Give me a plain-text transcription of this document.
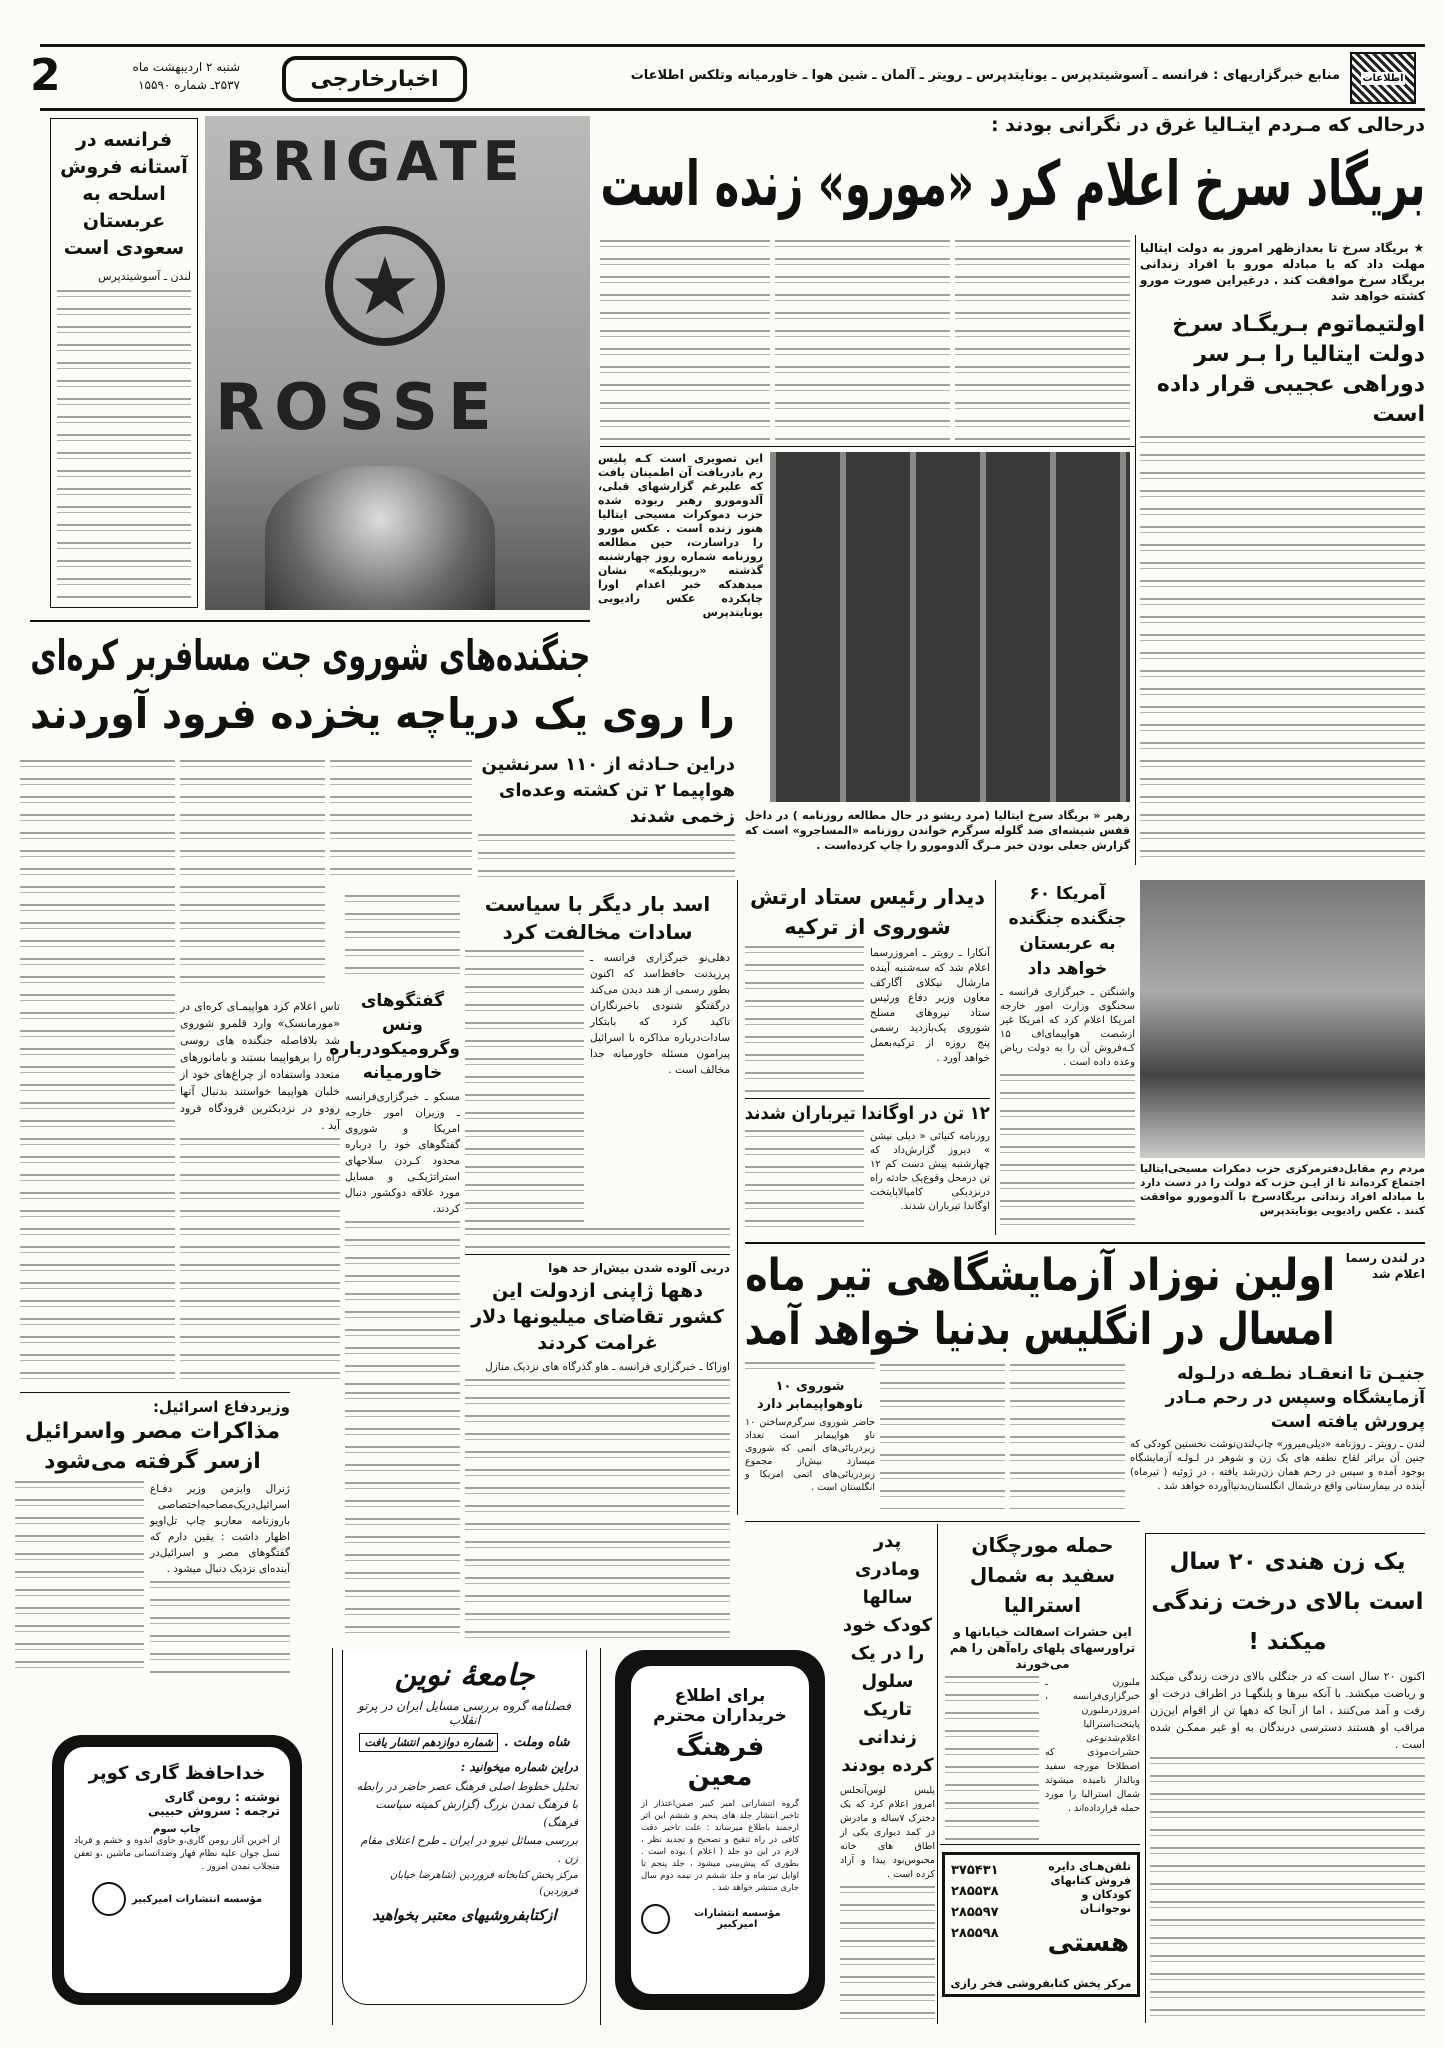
اطلاعات
منابع خبرگزاریهای : فرانسه ـ آسوشیتدپرس ـ یونایتدپرس ـ رویتر ـ آلمان ـ شین هوا ـ خاورمیانه وتلکس اطلاعات
اخبارخارجی
شنبه ۲ اردیبهشت ماه
۲۵۳۷ـ شماره ۱۵۵۹۰
2
فرانسه در آستانه فروش اسلحه به عربستان سعودی است
لندن ـ آسوشیتدپرس
BRIGATE
★
ROSSE
درحالی که مـردم ایتـالیا غرق در نگرانی بودند :
بریگاد سرخ اعلام کرد «مورو» زنده است
★ بریگاد سرخ تا بعدازظهر امروز به دولت ایتالیا مهلت داد که با مبادله مورو با افراد زندانی بریگاد سرخ موافقت کند . درغیراین صورت مورو کشته خواهد شد
اولتیماتوم بـریگـاد سرخ دولت ایتالیا را بـر سر دوراهی عجیبی قرار داده است
این تصویری است کـه پلیس رم بادریافت آن اطمینان یافت که علیرغم گزارشهای قبلی، آلدومورو رهبر ربوده شده حزب دموکرات مسیحی ایتالیا هنوز زنده است . عکس مورو را دراسارت، حین مطالعه روزنامه شماره روز چهارشنبه گذشته «رپوبلیکه» نشان میدهدکه خبر اعدام اورا چاپکرده عکس رادیویی یونایتدپرس
رهبر « بریگاد سرخ ایتالیا (مرد ریشو در حال مطالعه روزنامه ) در داخل قفس شیشه‌ای ضد گلوله سرگرم خواندن روزنامه «المساجرو» است که گزارش جعلی بودن خبر مـرگ آلدومورو را چاپ کرده‌است .
جنگنده‌های شوروی جت مسافربر کره‌ای
را روی یک دریاچه یخزده فرود آوردند
دراین حـادثه از ۱۱۰ سرنشین هواپیما ۲ تن کشته وعده‌ای زخمی شدند
تاس اعلام کرد هواپیمـای کره‌ای در «مورمانسک» وارد قلمرو شوروی شد بلافاصله جنگنده های روسی راه را برهواپیما بستند و بامانور‌های متعدد واستفاده از چراغ‌های خود از خلبان هواپیما خواستند بدنبال آنها رودو در نزدیکترین فرودگاه فرود آید .
گفتگوهای ونس وگرومیکودرباره خاورمیانه
مسکو ـ خبرگزاری‌فرانسه ـ وزیران امور خارجه امریکا و شوروی گفتگوهای خود را درباره محدود کـردن سلاحهای استراتژیکـی و مسایل مورد علاقه دوکشور دنبال کردند.
اسد بار دیگر با سیاست سادات مخالفت کرد
دهلی‌نو خبرگزاری فرانسه ـ پرزیدنت حافظ‌اسد که اکنون بطور رسمی از هند دیدن می‌کند درگفتگو شنودی باخبرنگاران تاکید کرد که بابتکار سادات‌درباره مذاکره با اسرائیل پیرامون مسئله خاورمیانه جدا مخالف است .
دیدار رئیس ستاد ارتش شوروی از ترکیه
آنکارا ـ رویتر ـ امروزرسما اعلام شد که سه‌شنبه آینده مارشال نیکلای آگارکف معاون وزیر دفاع ورئیس ستاد نیروهای مسلح شوروی یک‌بازدید رسمی پنج روزه از ترکیه‌بعمل خواهد آورد .
۱۲ تن در اوگاندا تیرباران شدند
روزنامه کنیائی « دیلی نیشن » دیروز گزارش‌داد که چهارشنبه پیش دست کم ۱۲ تن درمحل وقوع‌یک حادثه راه درنزدیکی کامپالاپایتخت اوگاندا تیرباران شدند.
آمریکا ۶۰ جنگنده جنگنده به عربستان خواهد داد
واشنگتن ـ خبرگزاری فرانسه ـ سخنگوی وزارت امور خارجه امریکا اعلام کرد که امریکا غیر ازشصت هواپیمای‌اف ۱۵ کـه‌فروش آن را به دولت ریاض وعده داده است .
مردم رم مقابل‌دفترمرکزی حزب دمکرات مسیحی‌ایتالیا اجتماع کرده‌اند تا از ایـن حزب که دولت را در دست دارد با مبادله افراد زندانی بریگادسرخ با آلدومورو موافقت کنند . عکس رادیویی یونایتدپرس
در لندن رسما اعلام شد
اولین نوزاد آزمایشگاهی تیر ماه
امسال در انگلیس بدنیا خواهد آمد
جنیـن تا انعقـاد نطـفه درلـوله آزمایشگاه وسپس در رحم مـادر پرورش یافته است
لندن ـ رویتر ـ روزنامه «دیلی‌میرور» چاپ‌لندن‌نوشت نخستین کودکی که جنین آن براثر لقاح نطفه های یک زن و شوهر در لـولـه آزمایشگاه بوجود آمده و سپس در رحم همان زن‌رشد یافته ، در ژوئیه ( تیرماه) آینده در بیمارستانی واقع درشمال انگلستان‌بدنیاآورده خواهد شد .
شوروی ۱۰ ناوهواپیمابر دارد
حاضر شوروی سرگرم‌ساختن ۱۰ ناو هواپیمابر است تعداد زیردریائی‌های اتمی که شوروی میسازد بیش‌از مجموع زیردریائی‌های اتمی امریکا و انگلستان است .
دربی آلوده شدن بیش‌از حد هوا
دهها ژاپنی ازدولت این کشور تقاضای میلیونها دلار غرامت کردند
اوزاکا ـ خبرگزاری فرانسه ـ هاو گذرگاه های نزدیک منازل
وزیردفاع اسرائیل:
مذاکرات مصر واسرائیل ازسر گرفته می‌شود
ژنرال وایزمن وزیر دفـاع اسرائیل‌دریک‌مصاحبه‌اختصاصی باروزنامه معاریو چاپ تل‌اویو اظهار داشت : یقین دارم که گفتگوهای مصر و اسرائیل‌در آینده‌ای نزدیک دنبال میشود .	یک زن هندی ۲۰ سال است بالای درخت زندگی میکند !
اکنون ۲۰ سال است که در جنگلی بالای درخت زندگی میکند و ریاضت میکشد. با آنکه ببرها و پلنگهـا در اطراف درخت او رفت و آمد می‌کنند ، اما از آنجا که دهها تن از اقوام این‌زن مراقب او هستند دسترسی درندگان به او غیر ممکـن شده است .
حمله مورچگان سفید به شمال استرالیا
این حشرات اسفالت خیابانها و تراورسهای پلهای راه‌آهن را هم می‌خورند
ملبورن ـ خبرگزاری‌فرانسه ، امروزدرملبورن پایتخت‌استرالیا اعلام‌شدنوعی حشرات‌موذی که اصطلاحا مورچه سفید وبالدار نامیده میشوند شمال استرالیا را مورد حمله قرارداده‌اند .
پدر ومادری سالها کودک خود را در یک سلول تاریک زندانی کرده بودند
پلیس لوس‌آنجلس امروز اعلام کرد که یک دخترک ۷ساله و مادرش در کمد دیواری یکی از اطاق های خانه محبوس‌بود پیدا و آزاد کرده است .
تلفن‌هـای دایره فروش کتابهای کودکان و نوجوانـان
هستی
۳۷۵۴۳۱
۲۸۵۵۳۸
۲۸۵۵۹۷
۲۸۵۵۹۸
مرکز پخش کتابفروشی فخر رازی
برای اطلاع
خریداران محترم
فرهنگ معین
گروه انتشاراتی امیر کبیر ضمن‌اعتذار از تاخیر انتشار جلد های پنجم و ششم این اثر ارجمند باطلاع میرساند : علت تاخیر دقت کافی در راه تنقیح و تصحیح و تجدید نظر ، لازم در این دو جلد ( اعلام ) بوده است . بطوری که پیش‌بینی میشود ، جلد پنجم تا اوایل تیر ماه و جلد ششم در نیمه دوم سال جاری منتشر خواهد شد .
مؤسسه انتشارات امیرکبیر
جامعهٔ نوین
فصلنامه گروه بررسی مسایل ایران در پرتو انقلاب
شاه وملت .
شماره دوازدهم انتشار یافت
دراین شماره میخوانید :
تحلیل خطوط اصلی فرهنگ عصر حاضر در رابطه با فرهنگ تمدن بزرگ (گزارش کمیته سیاست فرهنگ)
بررسی مسائل نیرو در ایران ـ طرح اعتلای مقام زن .
مرکز پخش کتابخانه فروردین (شاهرضا خیابان فروردین)
ازکتابفروشیهای معتبر بخواهید
خداحافظ گاری کوپر
نوشته : رومن گاری
ترجمه : سروش حبیبی
چاپ سوم
از آخرین آثار رومن گاری،و حاوی اندوه و خشم و فریاد نسل جوان علیه نظام قهار وضدانسانی ماشین ،و تعفن منجلاب تمدن امروز .
مؤسسه انتشارات امیرکبیر
